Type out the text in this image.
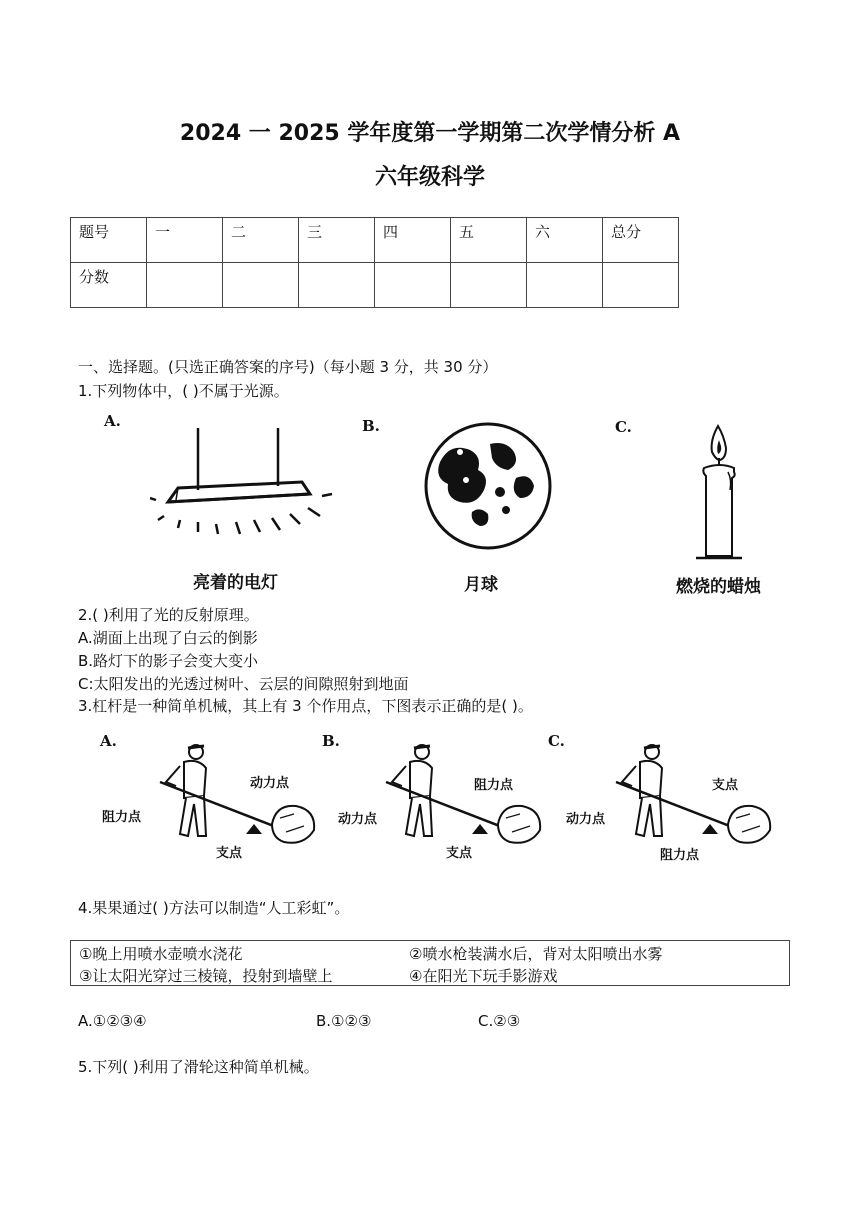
2024 一 2025 学年度第一学期第二次学情分析 A
六年级科学
题号	一	二	三	四	五	六	总分
分数							
一、选择题。(只选正确答案的序号)（每小题 3 分，共 30 分）
1.下列物体中，( )不属于光源。
A.
亮着的电灯
B.
月球
C.
燃烧的蜡烛
2.( )利用了光的反射原理。
A.湖面上出现了白云的倒影
B.路灯下的影子会变大变小
C:太阳发出的光透过树叶、云层的间隙照射到地面
3.杠杆是一种简单机械，其上有 3 个作用点，下图表示正确的是( )。
A.
动力点
阻力点
支点
B.
阻力点
动力点
支点
C.
支点
动力点
阻力点
4.果果通过( )方法可以制造“人工彩虹”。
①晚上用喷水壶喷水浇花	②喷水枪装满水后，背对太阳喷出水雾
③让太阳光穿过三棱镜，投射到墙壁上	④在阳光下玩手影游戏
A.①②③④	B.①②③	C.②③
5.下列( )利用了滑轮这种简单机械。
